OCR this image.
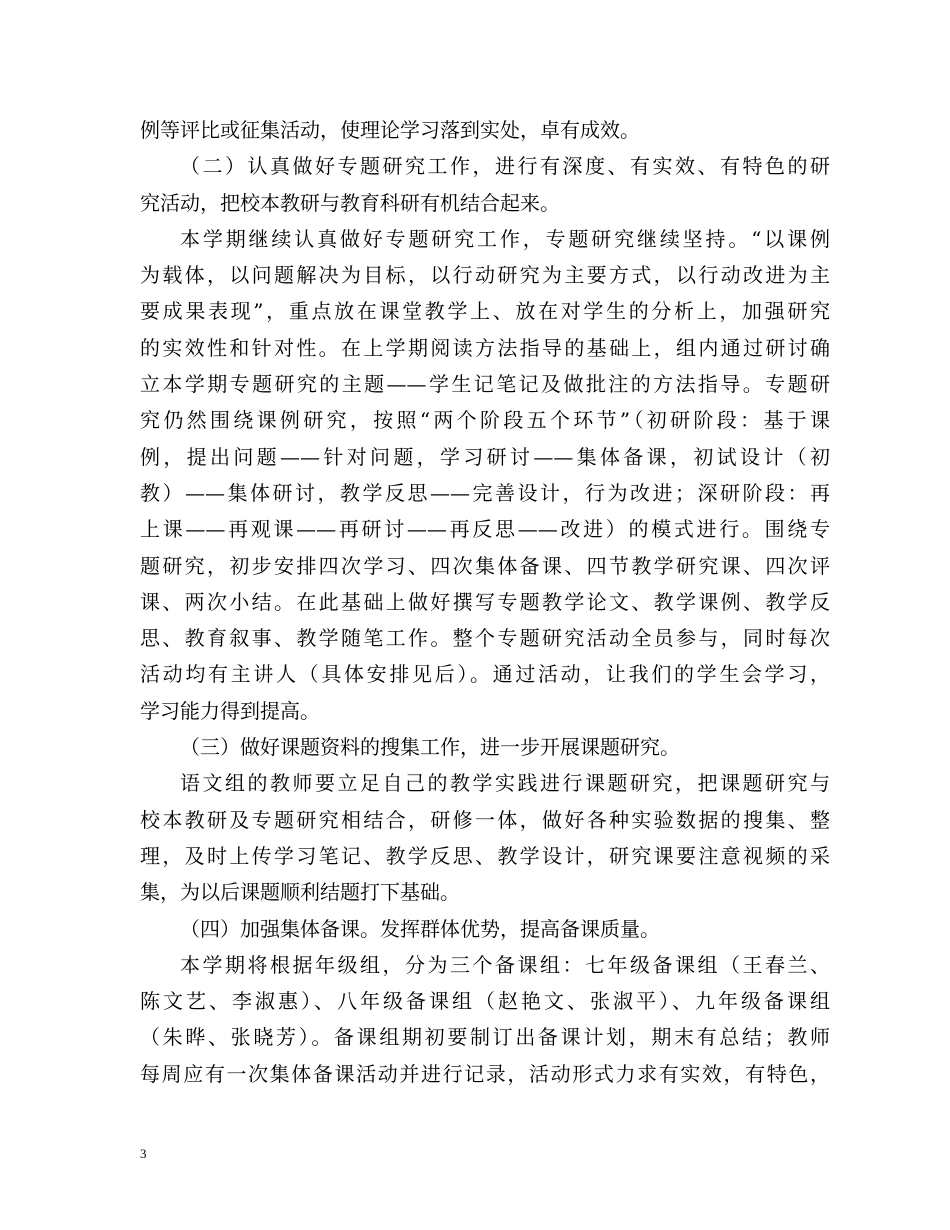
例等评比或征集活动，使理论学习落到实处，卓有成效。
（二）认真做好专题研究工作，进行有深度、有实效、有特色的研
究活动，把校本教研与教育科研有机结合起来。
本学期继续认真做好专题研究工作，专题研究继续坚持。“以课例
为载体，以问题解决为目标，以行动研究为主要方式，以行动改进为主
要成果表现”，重点放在课堂教学上、放在对学生的分析上，加强研究
的实效性和针对性。在上学期阅读方法指导的基础上，组内通过研讨确
立本学期专题研究的主题——学生记笔记及做批注的方法指导。专题研
究仍然围绕课例研究，按照“两个阶段五个环节”（初研阶段：基于课
例，提出问题——针对问题，学习研讨——集体备课，初试设计（初
教）——集体研讨，教学反思——完善设计，行为改进；深研阶段：再
上课——再观课——再研讨——再反思——改进）的模式进行。围绕专
题研究，初步安排四次学习、四次集体备课、四节教学研究课、四次评
课、两次小结。在此基础上做好撰写专题教学论文、教学课例、教学反
思、教育叙事、教学随笔工作。整个专题研究活动全员参与，同时每次
活动均有主讲人（具体安排见后）。通过活动，让我们的学生会学习，
学习能力得到提高。
（三）做好课题资料的搜集工作，进一步开展课题研究。
语文组的教师要立足自己的教学实践进行课题研究，把课题研究与
校本教研及专题研究相结合，研修一体，做好各种实验数据的搜集、整
理，及时上传学习笔记、教学反思、教学设计，研究课要注意视频的采
集，为以后课题顺利结题打下基础。
（四）加强集体备课。发挥群体优势，提高备课质量。
本学期将根据年级组，分为三个备课组：七年级备课组（王春兰、
陈文艺、李淑惠）、八年级备课组（赵艳文、张淑平）、九年级备课组
（朱晔、张晓芳）。备课组期初要制订出备课计划，期末有总结；教师
每周应有一次集体备课活动并进行记录，活动形式力求有实效，有特色，
3
